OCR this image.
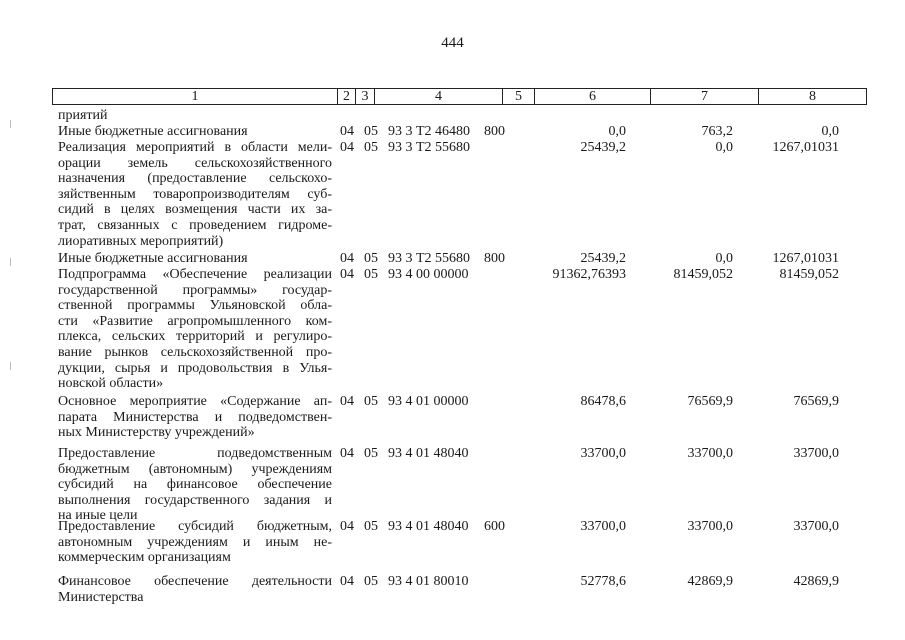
444
1	2	3	4	5	6	7	8
приятий
Иные бюджетные ассигнования	04 05 93 3 Т2 46480 800	0,0	763,2	0,0
Реализация мероприятий в области мели-
орации земель сельскохозяйственного
назначения (предоставление сельскохо-
зяйственным товаропроизводителям суб-
сидий в целях возмещения части их за-
трат, связанных с проведением гидроме-
лиоративных мероприятий)
04 05 93 3 Т2 55680	25439,2	0,0	1267,01031
Иные бюджетные ассигнования	04 05 93 3 Т2 55680 800	25439,2	0,0	1267,01031
Подпрограмма «Обеспечение реализации
государственной программы» государ-
ственной программы Ульяновской обла-
сти «Развитие агропромышленного ком-
плекса, сельских территорий и регулиро-
вание рынков сельскохозяйственной про-
дукции, сырья и продовольствия в Улья-
новской области»
04 05 93 4 00 00000	91362,76393	81459,052	81459,052
Основное мероприятие «Содержание ап-
парата Министерства и подведомствен-
ных Министерству учреждений»
04 05 93 4 01 00000	86478,6	76569,9	76569,9
Предоставление подведомственным
бюджетным (автономным) учреждениям
субсидий на финансовое обеспечение
выполнения государственного задания и
на иные цели
04 05 93 4 01 48040	33700,0	33700,0	33700,0
Предоставление субсидий бюджетным,
автономным учреждениям и иным не-
коммерческим организациям
04 05 93 4 01 48040 600	33700,0	33700,0	33700,0
Финансовое обеспечение деятельности
Министерства
04 05 93 4 01 80010	52778,6	42869,9	42869,9
